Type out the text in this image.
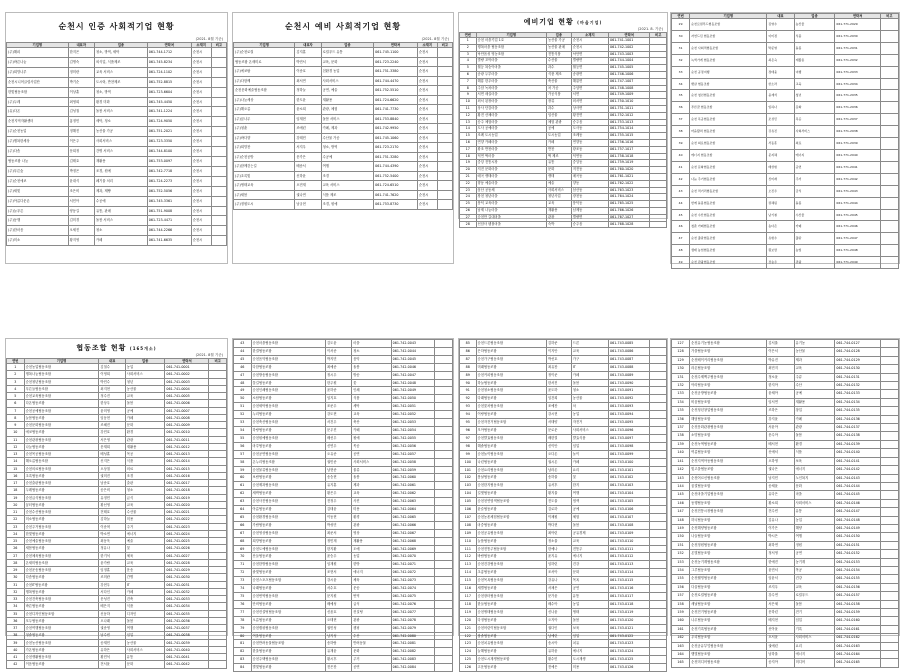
순천시 인증 사회적기업 현황
(2021. 8월 기준)
기업명	대표자	업종	연락처	소재지	비고
(주)해피	한지은	청소, 방역, 세탁	061-744-1712	순천시	
(주)바른나눔	김명숙	외식업, 식품제조	061-745-8234	순천시	
(주)희망나루	정미란	교육 서비스	061-724-1102	순천시	
순천시니어클럽사업단	박기순	도시락, 반찬제조	061-752-8815	순천시	
한빛협동조합	이상훈	청소, 방역	061-723-6604	순천시	
(주)두레	최영희	환경 미화	061-745-4450	순천시	
(유)다온	김성철	돌봄 서비스	061-741-1224	순천시	
순천지역자활센터	홍정민	세탁, 청소	061-724-9050	순천시	
(주)순천농업	정해진	농산물 가공	061-751-2021	순천시	
(주)행복한세상	이은주	사회서비스	061-723-3350	순천시	
(주)다솜	문희정	간병 서비스	061-744-8100	순천시	
협동조합 나눔	김태호	재활용	061-753-0097	순천시	
(주)푸른숲	박정은	조경, 원예	061-742-7718	순천시	
(주)순천에코	윤대식	폐기물 처리	061-724-2273	순천시	
(주)새빛	조은비	제과, 제빵	061-752-5056	순천시	
(주)아름다운손	서민아	수공예	061-745-3361	순천시	
(주)늘푸른	양동길	유통, 판매	061-751-9008	순천시	
(주)동행	김미경	돌봄 서비스	061-723-4471	순천시	
(주)한마음	오세진	청소	061-744-2266	순천시	
(주)미소	황지영	카페	061-741-6635	순천시	
순천시 예비 사회적기업 현황
(2021. 8월 기준)
기업명	대표자	업종	연락처	소재지	비고
(주)순천로컬	김지훈	로컬푸드 유통	061-745-1100	순천시	
협동조합 온새미로	박민서	교육, 문화	061-723-2240	순천시	
(주)에코팜	이준호	친환경 농업	061-751-3380	순천시	
(주)다함께	최서연	사회서비스	061-744-4470	순천시	
순천문화예술협동조합	정하늘	공연, 예술	061-752-5510	순천시	
(주)나눔세상	한도윤	재활용	061-724-6620	순천시	
(주)해오름	윤소희	관광, 체험	061-741-7730	순천시	
(주)꿈나무	임재현	돌봄 서비스	061-753-8840	순천시	
(주)청춘	조예린	카페, 제과	061-742-9950	순천시	
(주)바다향	강태민	수산물 가공	061-745-1060	순천시	
(주)희망찬	서지우	청소, 방역	061-723-2170	순천시	
(주)순천공방	문가은	수공예	061-751-3280	순천시	
(주)함께걷는길	배준서	여행	061-744-4390	순천시	
(주)초록빛	신하윤	조경	061-752-5400	순천시	
(주)생태교육	오민재	교육 서비스	061-724-6510	순천시	
(주)새봄	권나연	식품 제조	061-741-7620	순천시	
(주)정원도시	남궁현	조경, 원예	061-753-8730	순천시	
예비기업 현황 (마을기업)
(2021. 8. 기준)
연번	기업명	업종	소재지	연락처	비고
1	순천 마을기업 1호	농산물 가공	순천시	061-741-1001	
2	행복마을 협동조합	농산물 판매	순천시	061-742-1002	
3	낙안읍성 영농조합	전통식품	낙안면	061-743-1003	
4	별량 꼬막마을	수산물	별량면	061-744-1004	
5	월등 복숭아마을	과수	월등면	061-745-1005	
6	송광 두부마을	식품 제조	송광면	061-746-1006	
7	해룡 한우마을	축산물	해룡면	061-747-1007	
8	주암 녹차마을	차 가공	주암면	061-748-1008	
9	서면 매실마을	가공식품	서면	061-749-1009	
10	외서 된장마을	장류	외서면	061-750-1010	
11	상사 단감마을	과수	상사면	061-751-1011	
12	황전 산채마을	임산물	황전면	061-752-1012	
13	승주 체험마을	체험 관광	승주읍	061-753-1013	
14	도사 공예마을	공예	도사동	061-754-1014	
15	조례 도시농업	도시농업	조례동	061-755-1015	
16	연향 카페마을	카페	연향동	061-756-1016	
17	왕조 반찬마을	반찬	왕조동	061-757-1017	
18	덕연 떡마을	떡 제조	덕연동	061-758-1018	
19	중앙 전통시장	유통	중앙동	061-759-1019	
20	저전 문화마을	문화	저전동	061-760-1020	
21	매곡 생태마을	생태	매곡동	061-761-1021	
22	향동 예술마을	예술	향동	061-762-1022	
23	삼산 공동체	사회서비스	삼산동	061-763-1023	
24	장천 청년마을	청년사업	장천동	061-764-1024	
25	풍덕 교육마을	교육	풍덕동	061-765-1025	
26	남제 나눔마을	재활용	남제동	061-766-1026	
27	순천만 갈대마을	관광	별량면	061-767-1027	
28	선암사 템플마을	숙박	승주읍	061-768-1028	
연번	기업명	대표	업종	연락처	비고
29	순천로컬푸드협동조합	김영수	농산물	061-771-2029	
30	자연드림 협동조합	이미정	식품	061-771-2030	
31	순천 사회적협동조합	박준영	돌봄	061-771-2031	
32	녹색가게 협동조합	최은숙	재활용	061-771-2032	
33	순천 공정여행	정태웅	여행	061-771-2033	
34	햇살 협동조합	한소라	교육	061-771-2034	
35	순천 청년협동조합	윤재석	청년	061-771-2035	
36	푸른꿈 협동조합	임하나	문화	061-771-2036	
37	순천 목공협동조합	조성민	목공	061-771-2037	
38	마을활력 협동조합	강유진	사회서비스	061-771-2038	
39	순천 의료협동조합	서동훈	의료	061-771-2039	
40	에너지 협동조합	문지혜	에너지	061-771-2040	
41	순천 문화협동조합	배상현	공연	061-771-2041	
42	나눔 주거협동조합	신미래	주거	061-771-2042	
43	순천 먹거리협동조합	오진우	급식	061-771-2043	
44	함께 돌봄협동조합	권혜린	돌봄	061-771-2044	
45	순천 수산협동조합	남기철	수산물	061-771-2045	
46	청춘 카페협동조합	송다은	카페	061-771-2046	
47	순천 출판협동조합	유현수	출판	061-771-2047	
48	생태 농업협동조합	황보람	농업	061-771-2048	
49	순천 관광협동조합	전승우	관광	061-771-2049	
협동조합 현황 (165개소)
(2021. 8월 기준)
연번	기업명	대표	업종	연락처	비고
1	순천농업협동조합	김철수	농업	061-741-0001	
2	행복나눔협동조합	이영희	사회서비스	061-741-0002	
3	순천청년협동조합	박민수	청년	061-741-0003	
4	푸른들협동조합	최지현	농산물	061-741-0004	
5	순천교육협동조합	정수진	교육	061-741-0005	
6	다온협동조합	한상우	돌봄	061-741-0006	
7	순천공예협동조합	윤미영	공예	061-741-0007	
8	늘봄협동조합	임동현	카페	061-741-0008	
9	순천문화협동조합	조혜진	문화	061-741-0009	
10	에코협동조합	강민호	환경	061-741-0010	
11	순천관광협동조합	서은영	관광	061-741-0011	
12	나눔협동조합	문재희	재활용	061-741-0012	
13	순천목공협동조합	배성훈	목공	061-741-0013	
14	해오름협동조합	신지은	식품	061-741-0014	
15	순천의료협동조합	오상철	의료	061-741-0015	
16	초록협동조합	권미진	조경	061-741-0016	
17	순천출판협동조합	남준호	출판	061-741-0017	
18	두레협동조합	송은비	청소	061-741-0018	
19	순천급식협동조합	유정민	급식	061-741-0019	
20	꿈터협동조합	황선영	교육	061-741-0020	
21	순천수산협동조합	전태호	수산물	061-741-0021	
22	미소협동조합	김하늘	미용	061-741-0022	
23	순천주거협동조합	이준혁	주거	061-741-0023	
24	한빛협동조합	박소연	에너지	061-741-0024	
25	순천예술협동조합	최동욱	예술	061-741-0025	
26	새봄협동조합	정유나	꽃	061-741-0026	
27	순천체육협동조합	한기석	체육	061-741-0027	
28	온새미협동조합	윤가람	교육	061-741-0028	
29	순천운송협동조합	임정훈	운송	061-741-0029	
30	다솜협동조합	조미란	간병	061-741-0030	
31	순천IT협동조합	강현우	IT	061-741-0031	
32	행복협동조합	서다인	카페	061-741-0032	
33	순천건축협동조합	문성진	건축	061-741-0033	
34	바른협동조합	배은지	식품	061-741-0034	
35	순천디자인협동조합	신동하	디자인	061-741-0035	
36	모두협동조합	오나래	돌봄	061-741-0036	
37	순천여행협동조합	권준영	여행	061-741-0037	
38	청솔협동조합	남수빈	임업	061-741-0038	
39	순천농산협동조합	송재민	농산물	061-741-0039	
40	가온협동조합	유하은	사회서비스	061-741-0040	
41	순천생활협동조합	황민석	유통	061-741-0041	
42	이음협동조합	전서윤	문화	061-741-0042	
43	순천마을협동조합	김도윤	마을	061-742-0043	
44	한결협동조합	이서준	청소	061-742-0044	
45	순천음악협동조합	박지민	음악	061-742-0045	
46	다함협동조합	최예준	돌봄	061-742-0046	
47	순천방송협동조합	정시우	방송	061-742-0047	
48	꽃길협동조합	한주원	꽃	061-742-0048	
49	순천인쇄협동조합	윤하준	인쇄	061-742-0049	
50	소담협동조합	임지호	식품	061-742-0050	
51	순천세탁협동조합	조준우	세탁	061-742-0051	
52	누리협동조합	강도현	교육	061-742-0052	
53	순천축산협동조합	서건우	축산	061-742-0053	
54	하랑협동조합	문우진	카페	061-742-0054	
55	순천원예협동조합	배선우	원예	061-742-0055	
56	마루협동조합	신연우	목공	061-742-0056	
57	순천공연협동조합	오유준	공연	061-742-0057	
58	온누리협동조합	권민준	사회서비스	061-742-0058	
59	순천물류협동조합	남현준	물류	061-742-0059	
60	보람협동조합	송승현	돌봄	061-742-0060	
61	순천제과협동조합	유지훈	제과	061-742-0061	
62	새싹협동조합	황은우	교육	061-742-0062	
63	순천사진협동조합	전정우	사진	061-742-0063	
64	아름협동조합	김태윤	미용	061-742-0064	
65	순천환경협동조합	이동현	환경	061-742-0065	
66	가람협동조합	박성민	관광	061-742-0066	
67	순천영상협동조합	최준서	영상	061-742-0067	
68	희망협동조합	정민재	재활용	061-742-0068	
69	순천도예협동조합	한지환	도예	061-742-0069	
70	산들협동조합	윤승우	농업	061-742-0070	
71	순천한방협동조합	임재원	한방	061-742-0071	
72	솔빛협동조합	조현서	에너지	061-742-0072	
73	순천스포츠협동조합	강시윤	체육	061-742-0073	
74	나래협동조합	서수호	운송	061-742-0074	
75	순천번역협동조합	문지원	번역	061-742-0075	
76	단비협동조합	배예성	급식	061-742-0076	
77	순천컨설팅협동조합	신윤호	컨설팅	061-742-0077	
78	오름협동조합	오태현	관광	061-742-0078	
79	순천캠핑협동조합	권민성	캠핑	061-742-0079	
80	여울협동조합	남지성	수산	061-742-0080	
81	순천반려동물협동조합	송하람	반려동물	061-742-0081	
82	한울협동조합	유재윤	문화	061-742-0082	
83	순천주택협동조합	황시후	주거	061-742-0083	
84	별빛협동조합	전은찬	공연	061-742-0084	
85	순천드론협동조합	김하준	드론	061-743-0085	
86	은하협동조합	이지안	교육	061-743-0086	
87	순천가구협동조합	박선호	가구	061-743-0087	
88	미래협동조합	최유찬	IT	061-743-0088	
89	순천커피협동조합	정이준	카페	061-743-0089	
90	하늘협동조합	한서진	돌봄	061-743-0090	
91	순천청소협동조합	윤도하	청소	061-743-0091	
92	다래협동조합	임건희	농산물	061-743-0092	
93	순천꽃차협동조합	조예찬	차	061-743-0093	
94	이랑협동조합	강시현	농업	061-743-0094	
95	순천자전거협동조합	서태양	자전거	061-743-0095	
96	모아협동조합	문로운	사회서비스	061-743-0096	
97	순천발효협동조합	배한결	발효식품	061-743-0097	
98	해솔협동조합	신이안	임업	061-743-0098	
99	순천놀이협동조합	오다온	놀이	061-743-0099	
100	나린협동조합	권시온	카페	061-743-0100	
101	순천요리협동조합	남라온	요리	061-743-0101	
102	봄날협동조합	송하율	꽃	061-743-0102	
103	순천한지협동조합	유서후	한지	061-743-0103	
104	길벗협동조합	황지율	여행	061-743-0104	
105	순천천연염색협동조합	전도율	염색	061-743-0105	
106	윤슬협동조합	김로하	공예	061-743-0106	
107	순천농촌체험협동조합	이채원	체험	061-743-0107	
108	마중협동조합	박다현	돌봄	061-743-0108	
109	순천공유협동조합	최아린	공유경제	061-743-0109	
110	늘품협동조합	정소율	교육	061-743-0110	
111	순천전통주협동조합	한예나	전통주	061-743-0111	
112	바람협동조합	윤지유	에너지	061-743-0112	
113	순천건강협동조합	임하린	건강	061-743-0113	
114	초롱협동조합	조서아	문화	061-743-0114	
115	순천목욕협동조합	강유나	목욕	061-743-0115	
116	새별협동조합	서채은	공연	061-743-0116	
117	순천장터협동조합	문가윤	유통	061-743-0117	
118	한들협동조합	배수아	농업	061-743-0118	
119	순천생태협동조합	신나윤	생태	061-743-0119	
120	다정협동조합	오지아	돌봄	061-743-0120	
121	순천어린이협동조합	권다인	보육	061-743-0121	
122	참솔협동조합	남예린	임업	061-743-0122	
123	순천치유협동조합	송시아	치유	061-743-0123	
124	늘해협동조합	유하윤	에너지	061-743-0124	
125	순천도시재생협동조합	황수민	도시재생	061-743-0125	
126	고운협동조합	전예은	미용	061-743-0126	
127	순천유기농협동조합	김서율	유기농	061-744-0127	
128	가을협동조합	이은서	농산물	061-744-0128	
129	순천베이커리협동조합	박유진	제과	061-744-0129	
130	라온협동조합	최민지	교육	061-744-0130	
131	순천수제맥주협동조합	정소윤	주류	061-744-0131	
132	아라협동조합	한지아	수산	061-744-0132	
133	순천공방협동조합	윤채아	공예	061-744-0133	
134	비움협동조합	임서연	재활용	061-744-0134	
135	순천청년창업협동조합	조하은	창업	061-744-0135	
136	해담협동조합	강지윤	카페	061-744-0136	
137	순천문화관광협동조합	서윤아	관광	061-744-0137	
138	소망협동조합	문수아	돌봄	061-744-0138	
139	순천녹색협동조합	배서현	환경	061-744-0139	
140	여름협동조합	신예서	식품	061-744-0140	
141	순천지역아동협동조합	오하영	보육	061-744-0141	
142	빛고을협동조합	권나은	에너지	061-744-0142	
143	순천어르신협동조합	남지민	노인복지	061-744-0143	
144	꿈결협동조합	송채윤	문화	061-744-0144	
145	순천마을기업협동조합	유다은	마을	061-744-0145	
146	동행협동조합	황소희	사회서비스	061-744-0146	
147	순천전통시장협동조합	전수빈	유통	061-744-0147	
148	하늬협동조합	김유나	농업	061-744-0148	
149	순천해양협동조합	이가은	해양	061-744-0149	
150	나들협동조합	박시은	여행	061-744-0150	
151	순천정원협동조합	최하연	정원	061-744-0151	
152	온빛협동조합	정서영	공연	061-744-0152	
153	순천농기계협동조합	한예진	농기계	061-744-0153	
154	그루협동조합	윤민서	목공	061-744-0154	
155	순천웰빙협동조합	임윤서	건강	061-744-0155	
156	다올협동조합	조지우	교육	061-744-0156	
157	순천로컬협동조합	강수연	로컬푸드	061-744-0157	
158	새날협동조합	서은채	돌봄	061-744-0158	
159	순천전기협동조합	문하린	전기	061-744-0159	
160	나무협동조합	배지현	임업	061-744-0160	
161	순천기록협동조합	신아윤	기록	061-744-0161	
162	우리협동조합	오서윤	사회서비스	061-744-0162	
163	순천공유부엌협동조합	권예린	요리	061-744-0163	
164	햇빛협동조합	남하율	에너지	061-744-0164	
165	순천미디어협동조합	송지아	미디어	061-744-0165	
